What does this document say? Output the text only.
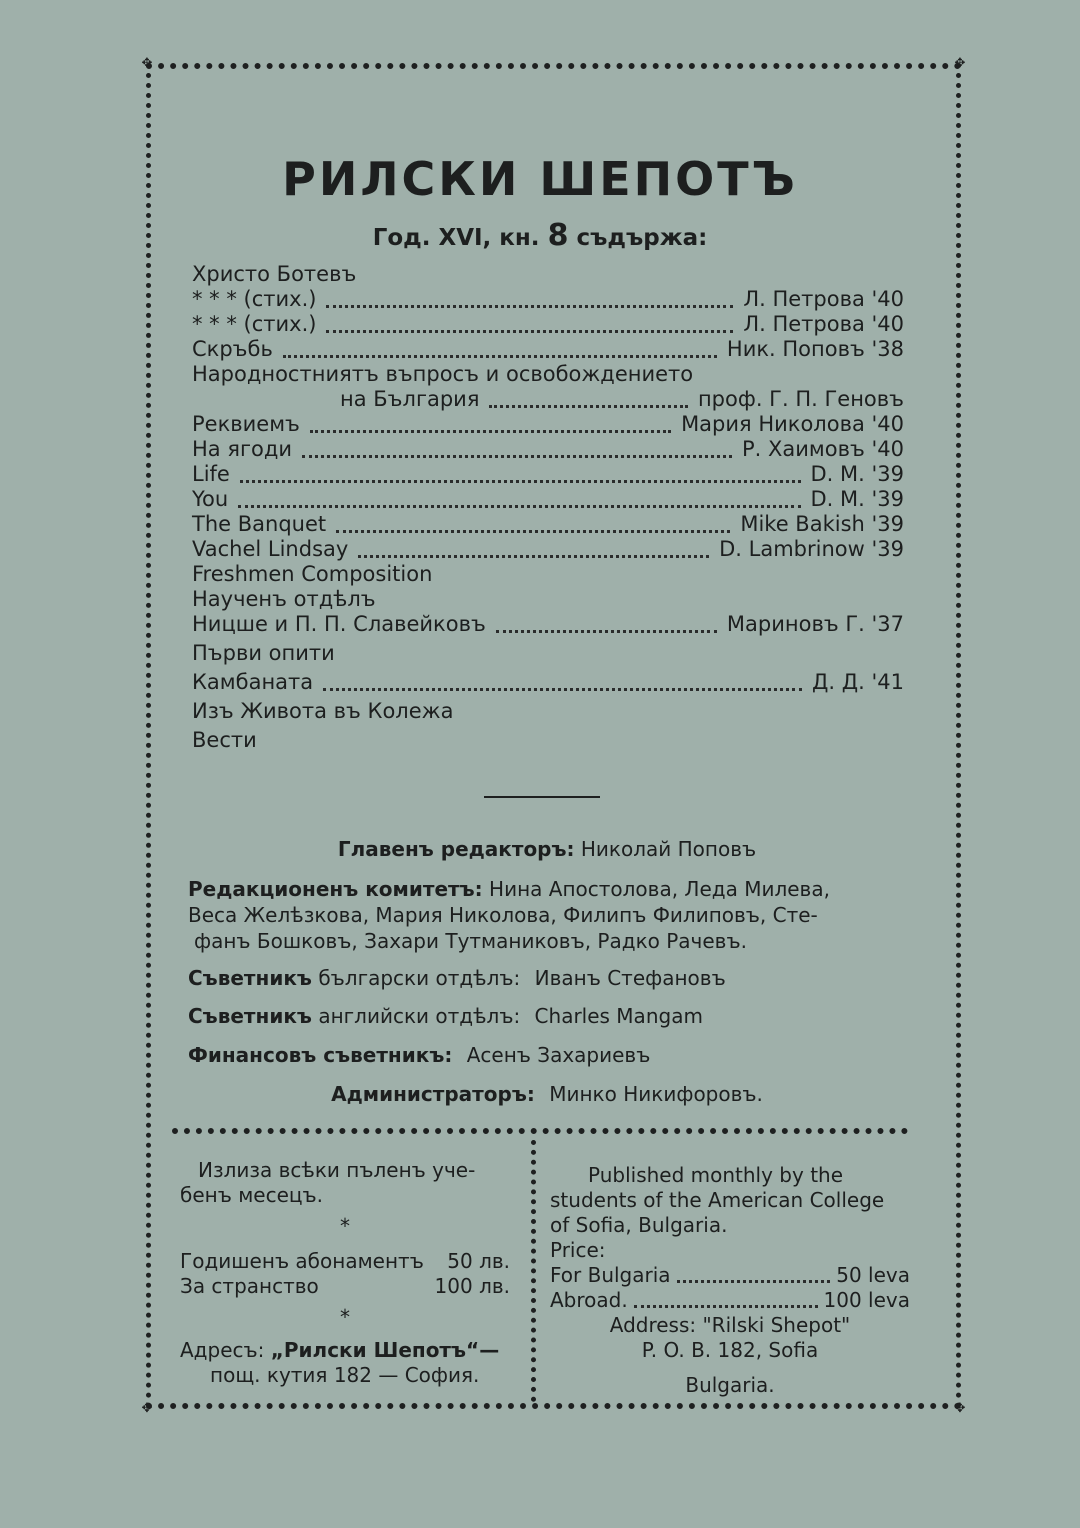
✥	✥
✥	✥
РИЛСКИ ШЕПОТЪ
Год. XVI, кн. 8 съдържа:
Христо Ботевъ
* * * (стих.)	Л. Петрова '40
* * * (стих.)	Л. Петрова '40
Скръбь	Ник. Поповъ '38
Народностниятъ въпросъ и освобождението
на България	проф. Г. П. Геновъ
Реквиемъ	Мария Николова '40
На ягоди	Р. Хаимовъ '40
Life	D. M. '39
You	D. M. '39
The Banquet	Mike Bakish '39
Vachel Lindsay	D. Lambrinow '39
Freshmen Composition
Наученъ отдѣлъ
Ницше и П. П. Славейковъ	Мариновъ Г. '37
Първи опити
Камбаната	Д. Д. '41
Изъ Живота въ Колежа
Вести
Главенъ редакторъ: Николай Поповъ
Редакционенъ комитетъ: Нина Апостолова, Леда Милева,
Веса Желѣзкова, Мария Николова, Филипъ Филиповъ, Сте-
фанъ Бошковъ, Захари Тутманиковъ, Радко Рачевъ.
Съветникъ български отдѣлъ: Иванъ Стефановъ
Съветникъ английски отдѣлъ: Charles Mangam
Финансовъ съветникъ: Асенъ Захариевъ
Администраторъ: Минко Никифоровъ.
Излиза всѣки пъленъ уче-
бенъ месецъ.
*
Годишенъ абонаментъ 50 лв.
За странство	100 лв.
*
Адресъ: „Рилски Шепотъ“—
пощ. кутия 182 — София.
Published monthly by the
students of the American College
of Sofia, Bulgaria.
Price:
For Bulgaria	50 leva
Abroad.	100 leva
Address: "Rilski Shepot"
P. O. B. 182, Sofia
Bulgaria.
